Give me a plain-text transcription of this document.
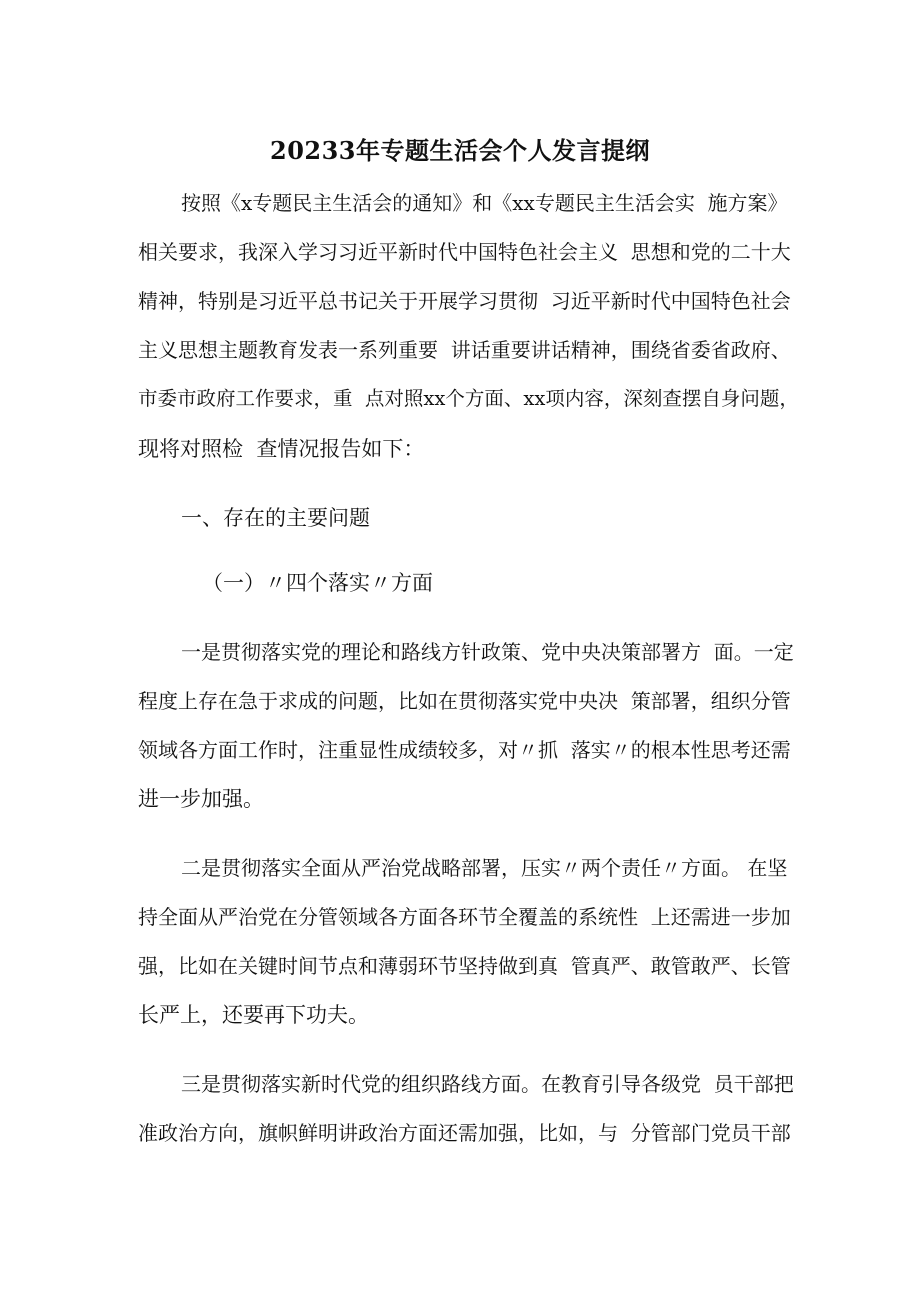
20233年专题生活会个人发言提纲

按照《x专题民主生活会的通知》和《xx专题民主生活会实  施方案》

相关要求，我深入学习习近平新时代中国特色社会主义  思想和党的二十大

精神，特别是习近平总书记关于开展学习贯彻  习近平新时代中国特色社会

主义思想主题教育发表一系列重要  讲话重要讲话精神，围绕省委省政府、

市委市政府工作要求，重  点对照xx个方面、xx项内容，深刻查摆自身问题，

现将对照检  查情况报告如下：

一、存在的主要问题

（一）〃四个落实〃方面

一是贯彻落实党的理论和路线方针政策、党中央决策部署方  面。一定

程度上存在急于求成的问题，比如在贯彻落实党中央决  策部署，组织分管

领域各方面工作时，注重显性成绩较多，对〃抓  落实〃的根本性思考还需

进一步加强。

二是贯彻落实全面从严治党战略部署，压实〃两个责任〃方面。 在坚

持全面从严治党在分管领域各方面各环节全覆盖的系统性  上还需进一步加

强，比如在关键时间节点和薄弱环节坚持做到真  管真严、敢管敢严、长管

长严上，还要再下功夫。

三是贯彻落实新时代党的组织路线方面。在教育引导各级党  员干部把

准政治方向，旗帜鲜明讲政治方面还需加强，比如，与  分管部门党员干部
